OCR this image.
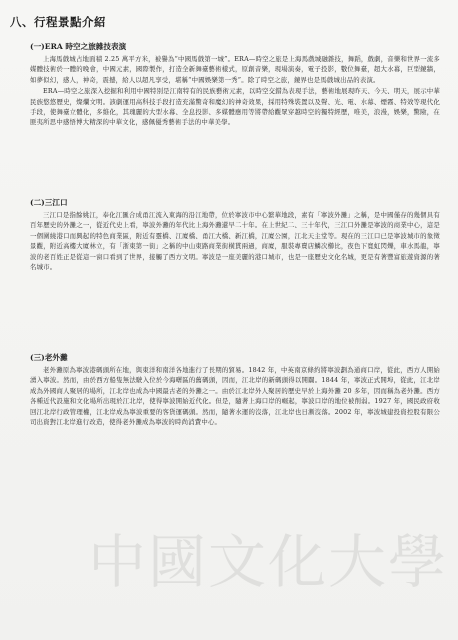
八、行程景點介紹
(一)ERA 時空之旅雜技表演

上海馬戲城占地面積 2.25 萬平方米，被譽為“中國馬戲第一城”。ERA—時空之旅是上海馬戲城融雜技，舞蹈，戲劇，音樂和世界一流多媒體技術於一體的晚會，中國元素，國際製作，打造全新舞臺藝術樣式，原創音樂，現場演奏，電子投影，數位舞臺，超大水幕，巨型鏡牆，如夢似幻，感人，神奇，震撼，給人以超凡享受，堪稱“中國娛樂第一秀”。除了時空之旅，鏡界也是馬戲城出品的表演。

ERA—時空之旅深入挖掘和利用中國特別是江南特有的民族藝術元素，以時空交錯為表現手法，藝術地展現昨天、今天、明天，展示中華民族悠悠歷史，燦爛文明。該劇運用高科技手段打造充滿驚奇和魔幻的神奇效果，採用特殊裝置以及聲、光、電、水幕、煙霧、特效等現代化手段，使舞臺立體化，多維化，其瑰麗的大型水幕、全息投影、多媒體應用等將帶給觀眾穿越時空的獨特經歷，唯美，浪漫，娛樂，驚險，在匪夷所思中感悟博大精深的中華文化，感佩優秀藝術手法的中華美學。

(二)三江口

三江口是指餘姚江，奉化江匯合成甬江流入東海的沿江地帶，位於寧波市中心繁華地段，素有「寧波外灘」之稱，是中國僅存的幾個具有百年歷史的外灘之一，從近代史上看，寧波外灘的年代比上海外灘還早二十年。在上世紀二、三十年代，三江口外灘是寧波的商業中心，這是一個圍繞港口而興起的特色商業區，附近有靈橋、江廈橋、甬江大橋、新江橋，江廈公園，江北天主堂等。現在的三江口已是寧波城市的象徵景觀，附近高樓大廈林立，有「浙東第一街」之稱的中山東路商業街橫貫兩過，商廈，服裝專賣店鱗次櫛比，夜色下寬虹閃爍，車水馬龍，寧波的老百姓正是從這一窗口看到了世界，接觸了西方文明。寧波是一座美麗的港口城市，也是一座歷史文化名城，更是有著豐富旅遊資源的著名城市。

(三)老外灘

老外灘原為寧波港碼頭所在地，與東洋和南洋各地進行了長期的貿易。1842 年，中英南京條約將寧波劃為通商口岸，從此，西方人開始湧入寧波。然而，由於西方船隻無法駛入位於今海曙區的舊碼頭，因而，江北岸的新碼頭得以開闢。1844 年，寧波正式開埠，從此，江北岸成為外國商人聚居的場所，江北岸也成為中國最古老的外灘之一。由於江北岸外人聚居的歷史早於上海外灘 20 多年，因而稱為老外灘。西方各種近代設施和文化場所出現於江北岸，使得寧波開始近代化。但是，隨著上海口岸的崛起，寧波口岸的地位被削弱。1927 年，國民政府收回江北岸行政管理權，江北岸成為寧波重要的客貨運碼頭。然而，隨著水運的沒落，江北岸也日漸沒落。2002 年，寧波城建投資控股有限公司出資對江北岸進行改造，使得老外灘成為寧波的時尚消費中心。

中國文化大學
